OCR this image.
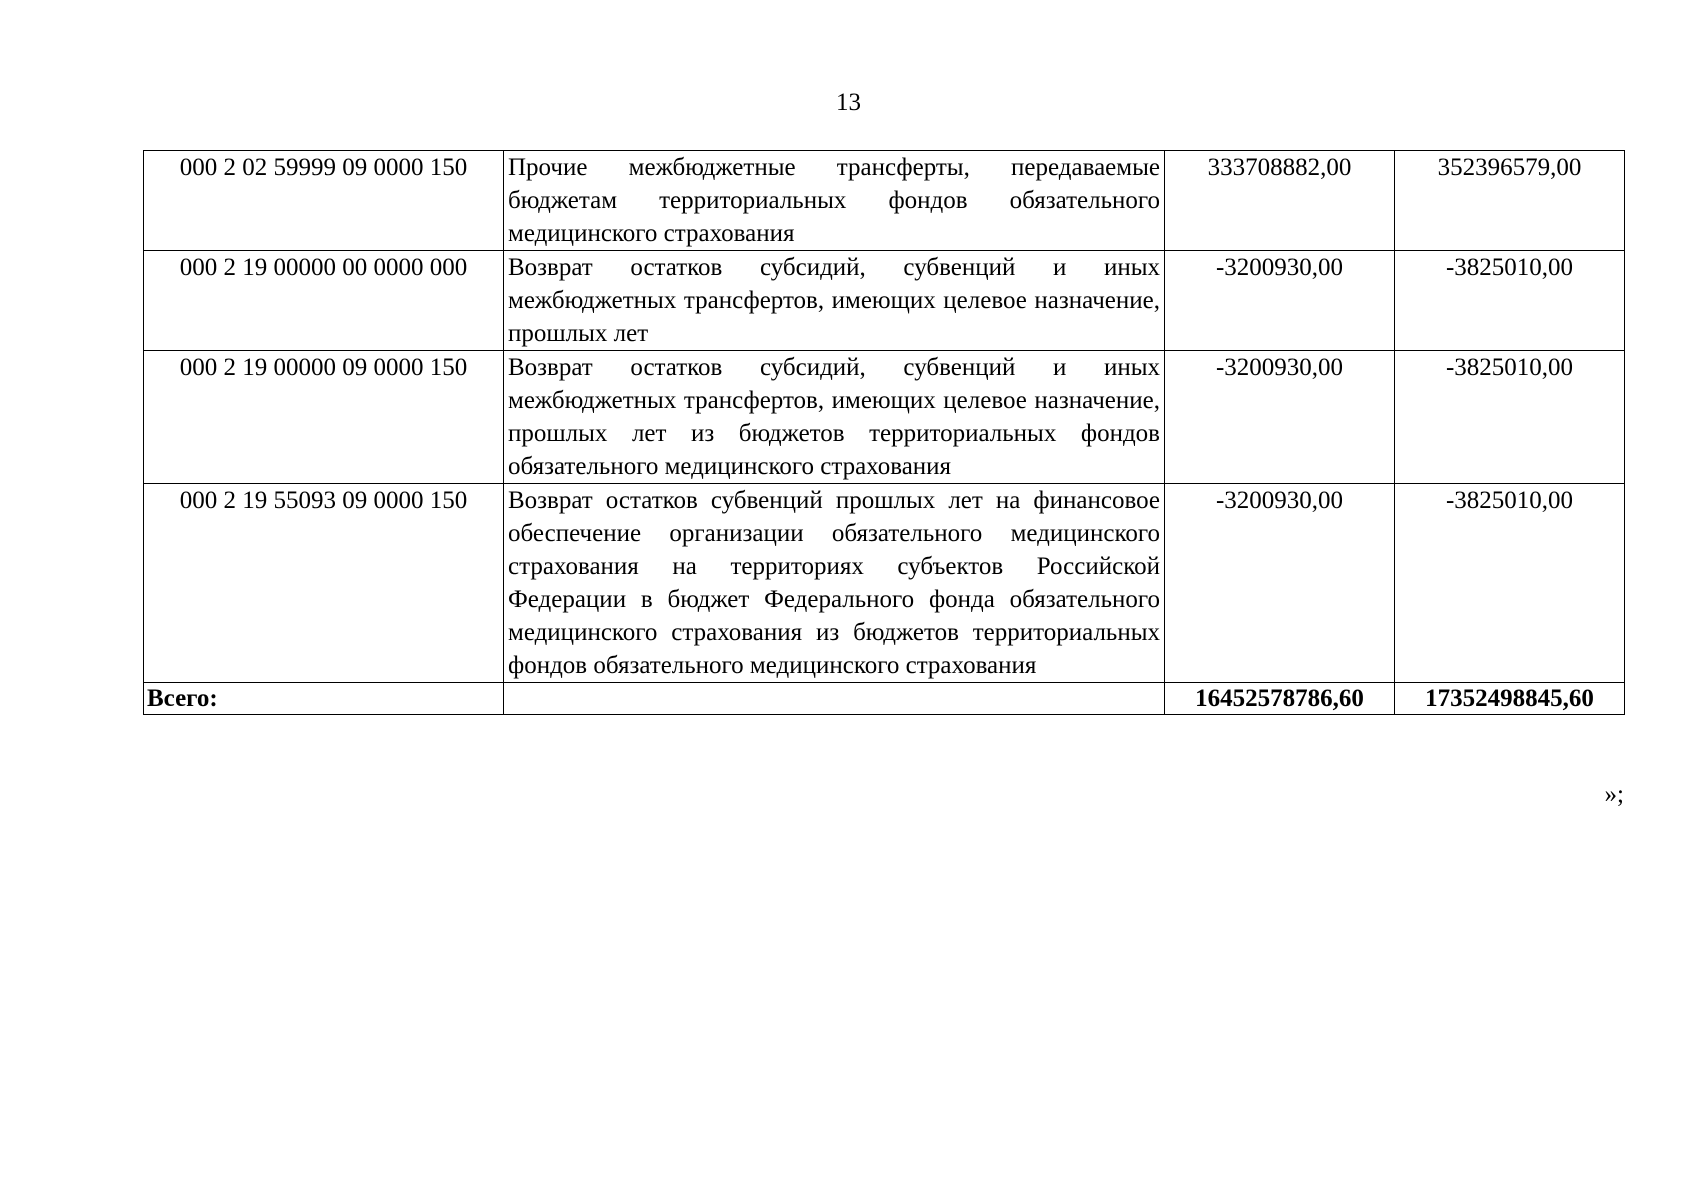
13
000 2 02 59999 09 0000 150	Прочие межбюджетные трансферты, передаваемые бюджетам территориальных фондов обязательного медицинского страхования	333708882,00	352396579,00
000 2 19 00000 00 0000 000	Возврат остатков субсидий, субвенций и иных межбюджетных трансфертов, имеющих целевое назначение, прошлых лет	-3200930,00	-3825010,00
000 2 19 00000 09 0000 150	Возврат остатков субсидий, субвенций и иных межбюджетных трансфертов, имеющих целевое назначение, прошлых лет из бюджетов территориальных фондов обязательного медицинского страхования	-3200930,00	-3825010,00
000 2 19 55093 09 0000 150	Возврат остатков субвенций прошлых лет на финансовое обеспечение организации обязательного медицинского страхования на территориях субъектов Российской Федерации в бюджет Федерального фонда обязательного медицинского страхования из бюджетов территориальных фондов обязательного медицинского страхования	-3200930,00	-3825010,00
Всего:		16452578786,60	17352498845,60
»;
